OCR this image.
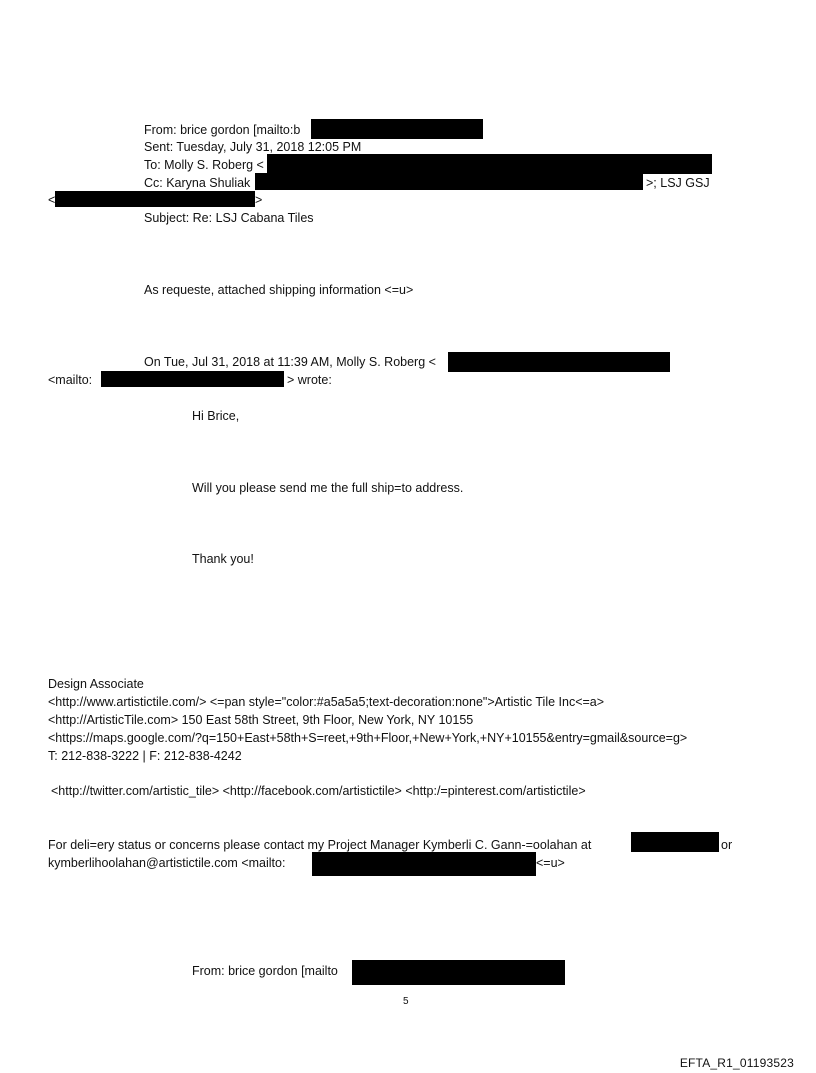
From: brice gordon [mailto:b
Sent: Tuesday, July 31, 2018 12:05 PM
To: Molly S. Roberg <
Cc: Karyna Shuliak	>; LSJ GSJ
<	>
Subject: Re: LSJ Cabana Tiles
As requeste, attached shipping information <=u>
On Tue, Jul 31, 2018 at 11:39 AM, Molly S. Roberg <
<mailto:	> wrote:
Hi Brice,
Will you please send me the full ship=to address.
Thank you!
Design Associate
<http://www.artistictile.com/> <=pan style="color:#a5a5a5;text-decoration:none">Artistic Tile Inc<=a>
<http://ArtisticTile.com> 150 East 58th Street, 9th Floor, New York, NY 10155
<https://maps.google.com/?q=150+East+58th+S=reet,+9th+Floor,+New+York,+NY+10155&entry=gmail&source=g>
T: 212-838-3222 | F: 212-838-4242
<http://twitter.com/artistic_tile> <http://facebook.com/artistictile> <http:/=pinterest.com/artistictile>
For deli=ery status or concerns please contact my Project Manager Kymberli C. Gann-=oolahan at	or
kymberlihoolahan@artistictile.com <mailto:	<=u>
From: brice gordon [mailto
5
EFTA_R1_01193523
